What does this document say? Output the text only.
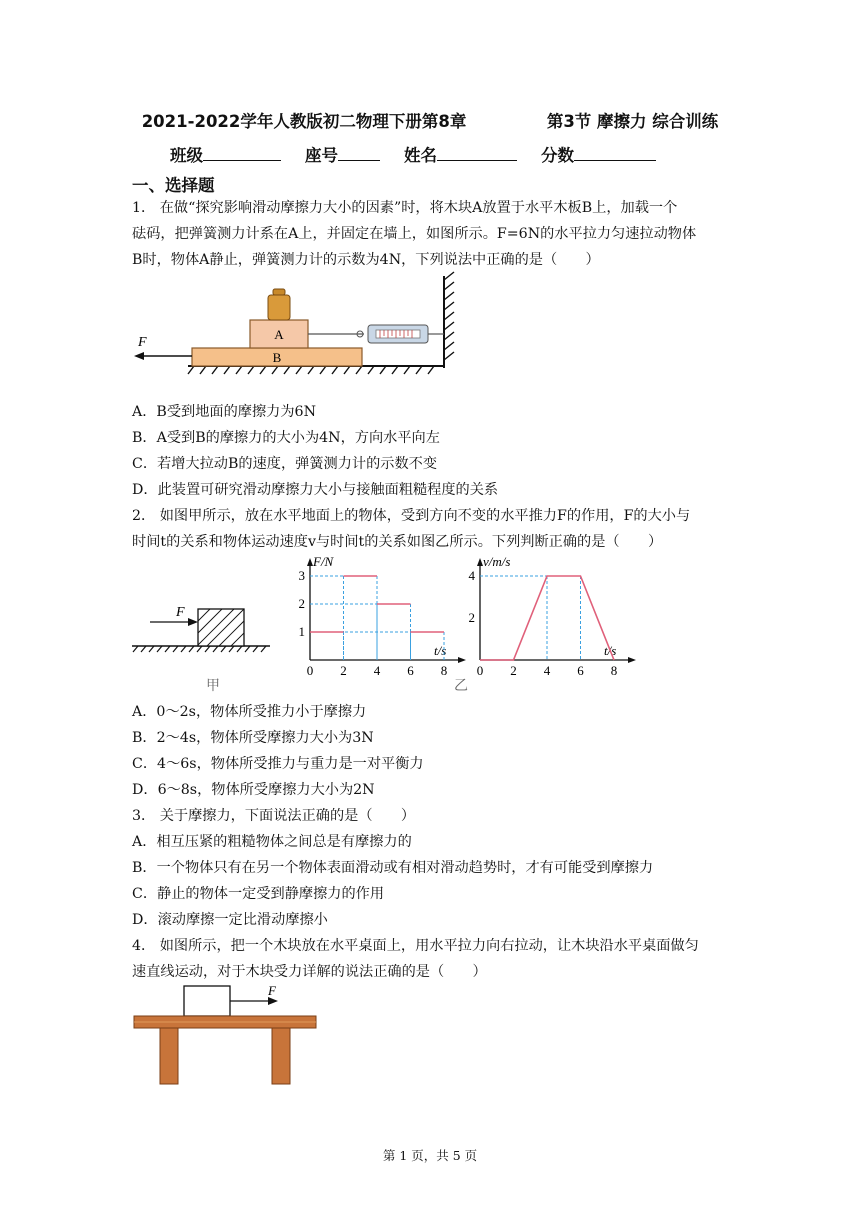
2021-2022学年人教版初二物理下册第8章	第3节 摩擦力 综合训练
班级	座号	姓名	分数
一、选择题
1． 在做“探究影响滑动摩擦力大小的因素”时，将木块A放置于水平木板B上，加载一个
砝码，把弹簧测力计系在A上，并固定在墙上，如图所示。F=6N的水平拉力匀速拉动物体
B时，物体A静止，弹簧测力计的示数为4N，下列说法中正确的是（　　）
B
A
F
A．B受到地面的摩擦力为6N
B．A受到B的摩擦力的大小为4N，方向水平向左
C．若增大拉动B的速度，弹簧测力计的示数不变
D．此装置可研究滑动摩擦力大小与接触面粗糙程度的关系
2． 如图甲所示，放在水平地面上的物体，受到方向不变的水平推力F的作用，F的大小与
时间t的关系和物体运动速度v与时间t的关系如图乙所示。下列判断正确的是（　　）
F
甲
F/N
t/s
0 2 4 6 8
1
2
3
v/m/s
t/s
0 2 4 6 8
2
4
乙
A．0～2s，物体所受推力小于摩擦力
B．2～4s，物体所受摩擦力大小为3N
C．4～6s，物体所受推力与重力是一对平衡力
D．6～8s，物体所受摩擦力大小为2N
3． 关于摩擦力，下面说法正确的是（　　）
A．相互压紧的粗糙物体之间总是有摩擦力的
B．一个物体只有在另一个物体表面滑动或有相对滑动趋势时，才有可能受到摩擦力
C．静止的物体一定受到静摩擦力的作用
D．滚动摩擦一定比滑动摩擦小
4． 如图所示，把一个木块放在水平桌面上，用水平拉力向右拉动，让木块沿水平桌面做匀
速直线运动，对于木块受力详解的说法正确的是（　　）
F
第 1 页，共 5 页
